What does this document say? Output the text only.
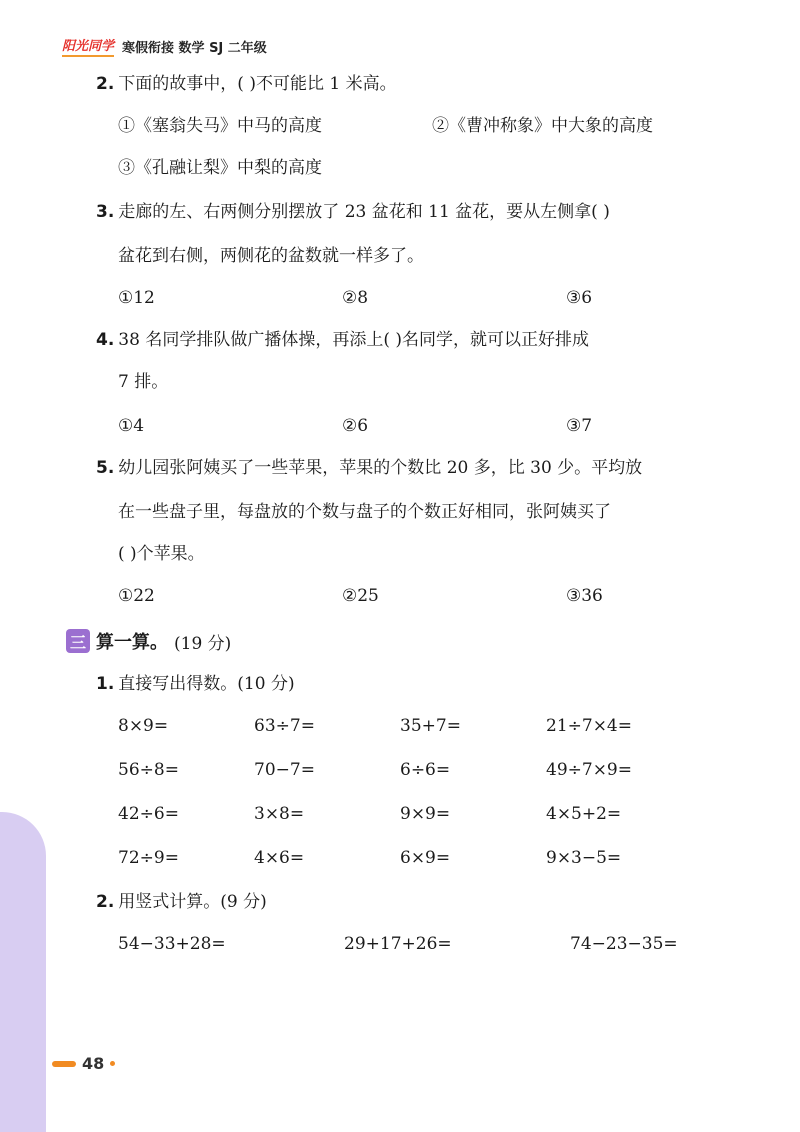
阳光同学 寒假衔接 数学 SJ 二年级
2. 下面的故事中，( )不可能比 1 米高。
①《塞翁失马》中马的高度	②《曹冲称象》中大象的高度
③《孔融让梨》中梨的高度
3. 走廊的左、右两侧分别摆放了 23 盆花和 11 盆花，要从左侧拿( )
盆花到右侧，两侧花的盆数就一样多了。
①12	②8	③6
4. 38 名同学排队做广播体操，再添上( )名同学，就可以正好排成
7 排。
①4	②6	③7
5. 幼儿园张阿姨买了一些苹果，苹果的个数比 20 多，比 30 少。平均放
在一些盘子里，每盘放的个数与盘子的个数正好相同，张阿姨买了
( )个苹果。
①22	②25	③36
三 算一算。 (19 分)
1. 直接写出得数。(10 分)
8×9=	63÷7=	35+7=	21÷7×4=
56÷8=	70−7=	6÷6=	49÷7×9=
42÷6=	3×8=	9×9=	4×5+2=
72÷9=	4×6=	6×9=	9×3−5=
2. 用竖式计算。(9 分)
54−33+28=	29+17+26=	74−23−35=
48
